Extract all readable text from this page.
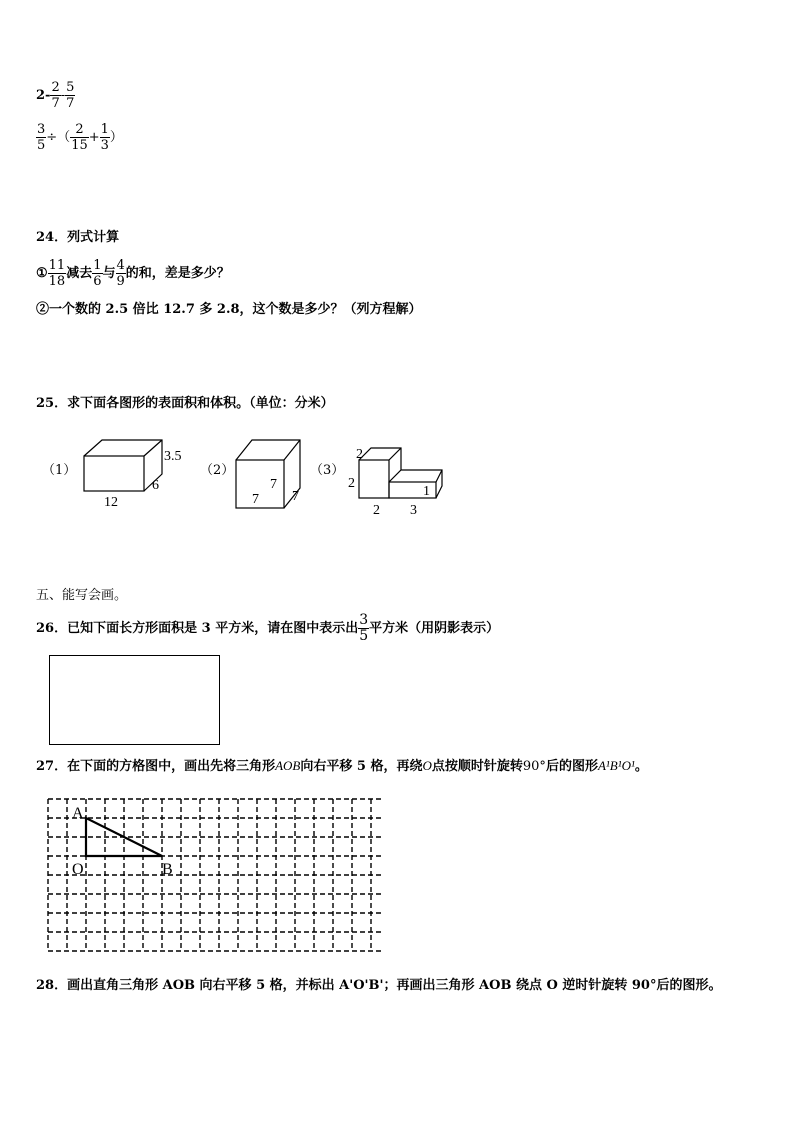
$2- \frac{2}{7} - \frac{5}{7}$
$\frac{3}{5}$ ÷（ $\frac{2}{15} + \frac{1}{3}$ ）
24．列式计算
① $\frac{11}{18}$ 减去 $\frac{1}{6}$ 与 $\frac{4}{9}$ 的和，差是多少？
②一个数的 2.5 倍比 12.7 多 2.8，这个数是多少？（列方程解）
25．求下面各图形的表面积和体积。（单位：分米）
（1）	（2）	（3）
3.5
6
12
7
7 7
2
2
1
2 3
五、能写会画。
26．已知下面长方形面积是 3 平方米，请在图中表示出 $\frac{3}{5}$ 平方米（用阴影表示）
27．在下面的方格图中，画出先将三角形AOB向右平移 5 格，再绕O点按顺时针旋转90°后的图形A¹B¹O¹。
A
O	B
28．画出直角三角形 AOB 向右平移 5 格，并标出 A'O'B'；再画出三角形 AOB 绕点 O 逆时针旋转 90°后的图形。
